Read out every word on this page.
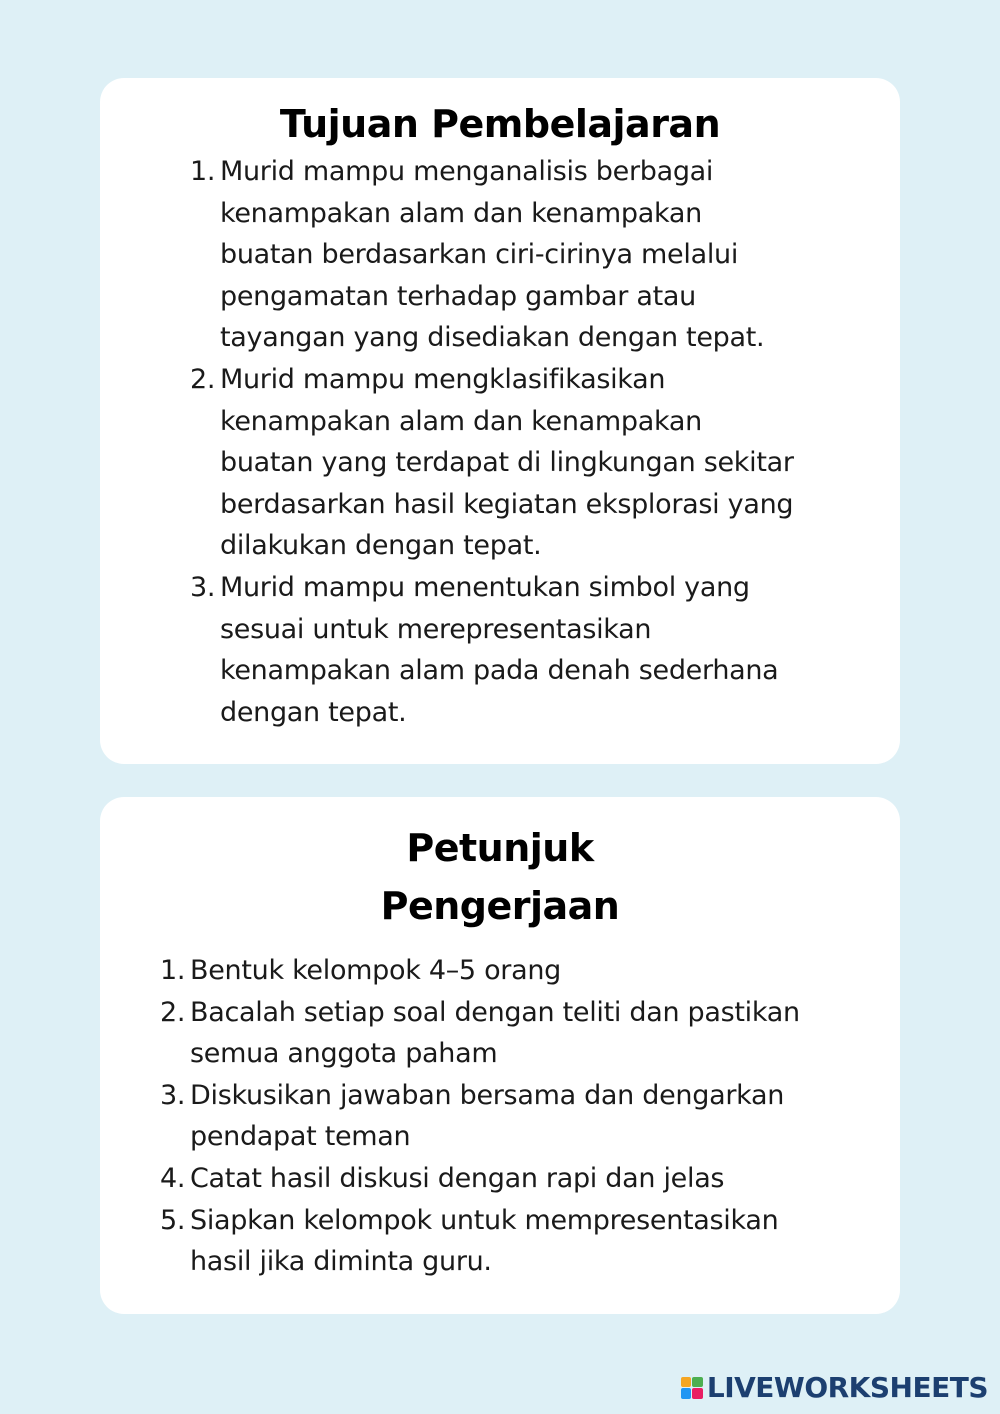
Tujuan Pembelajaran
1. Murid mampu menganalisis berbagai
kenampakan alam dan kenampakan
buatan berdasarkan ciri-cirinya melalui
pengamatan terhadap gambar atau
tayangan yang disediakan dengan tepat.
2. Murid mampu mengklasifikasikan
kenampakan alam dan kenampakan
buatan yang terdapat di lingkungan sekitar
berdasarkan hasil kegiatan eksplorasi yang
dilakukan dengan tepat.
3. Murid mampu menentukan simbol yang
sesuai untuk merepresentasikan
kenampakan alam pada denah sederhana
dengan tepat.
Petunjuk
Pengerjaan
1. Bentuk kelompok 4–5 orang
2. Bacalah setiap soal dengan teliti dan pastikan
semua anggota paham
3. Diskusikan jawaban bersama dan dengarkan
pendapat teman
4. Catat hasil diskusi dengan rapi dan jelas
5. Siapkan kelompok untuk mempresentasikan
hasil jika diminta guru.
LIVEWORKSHEETS
